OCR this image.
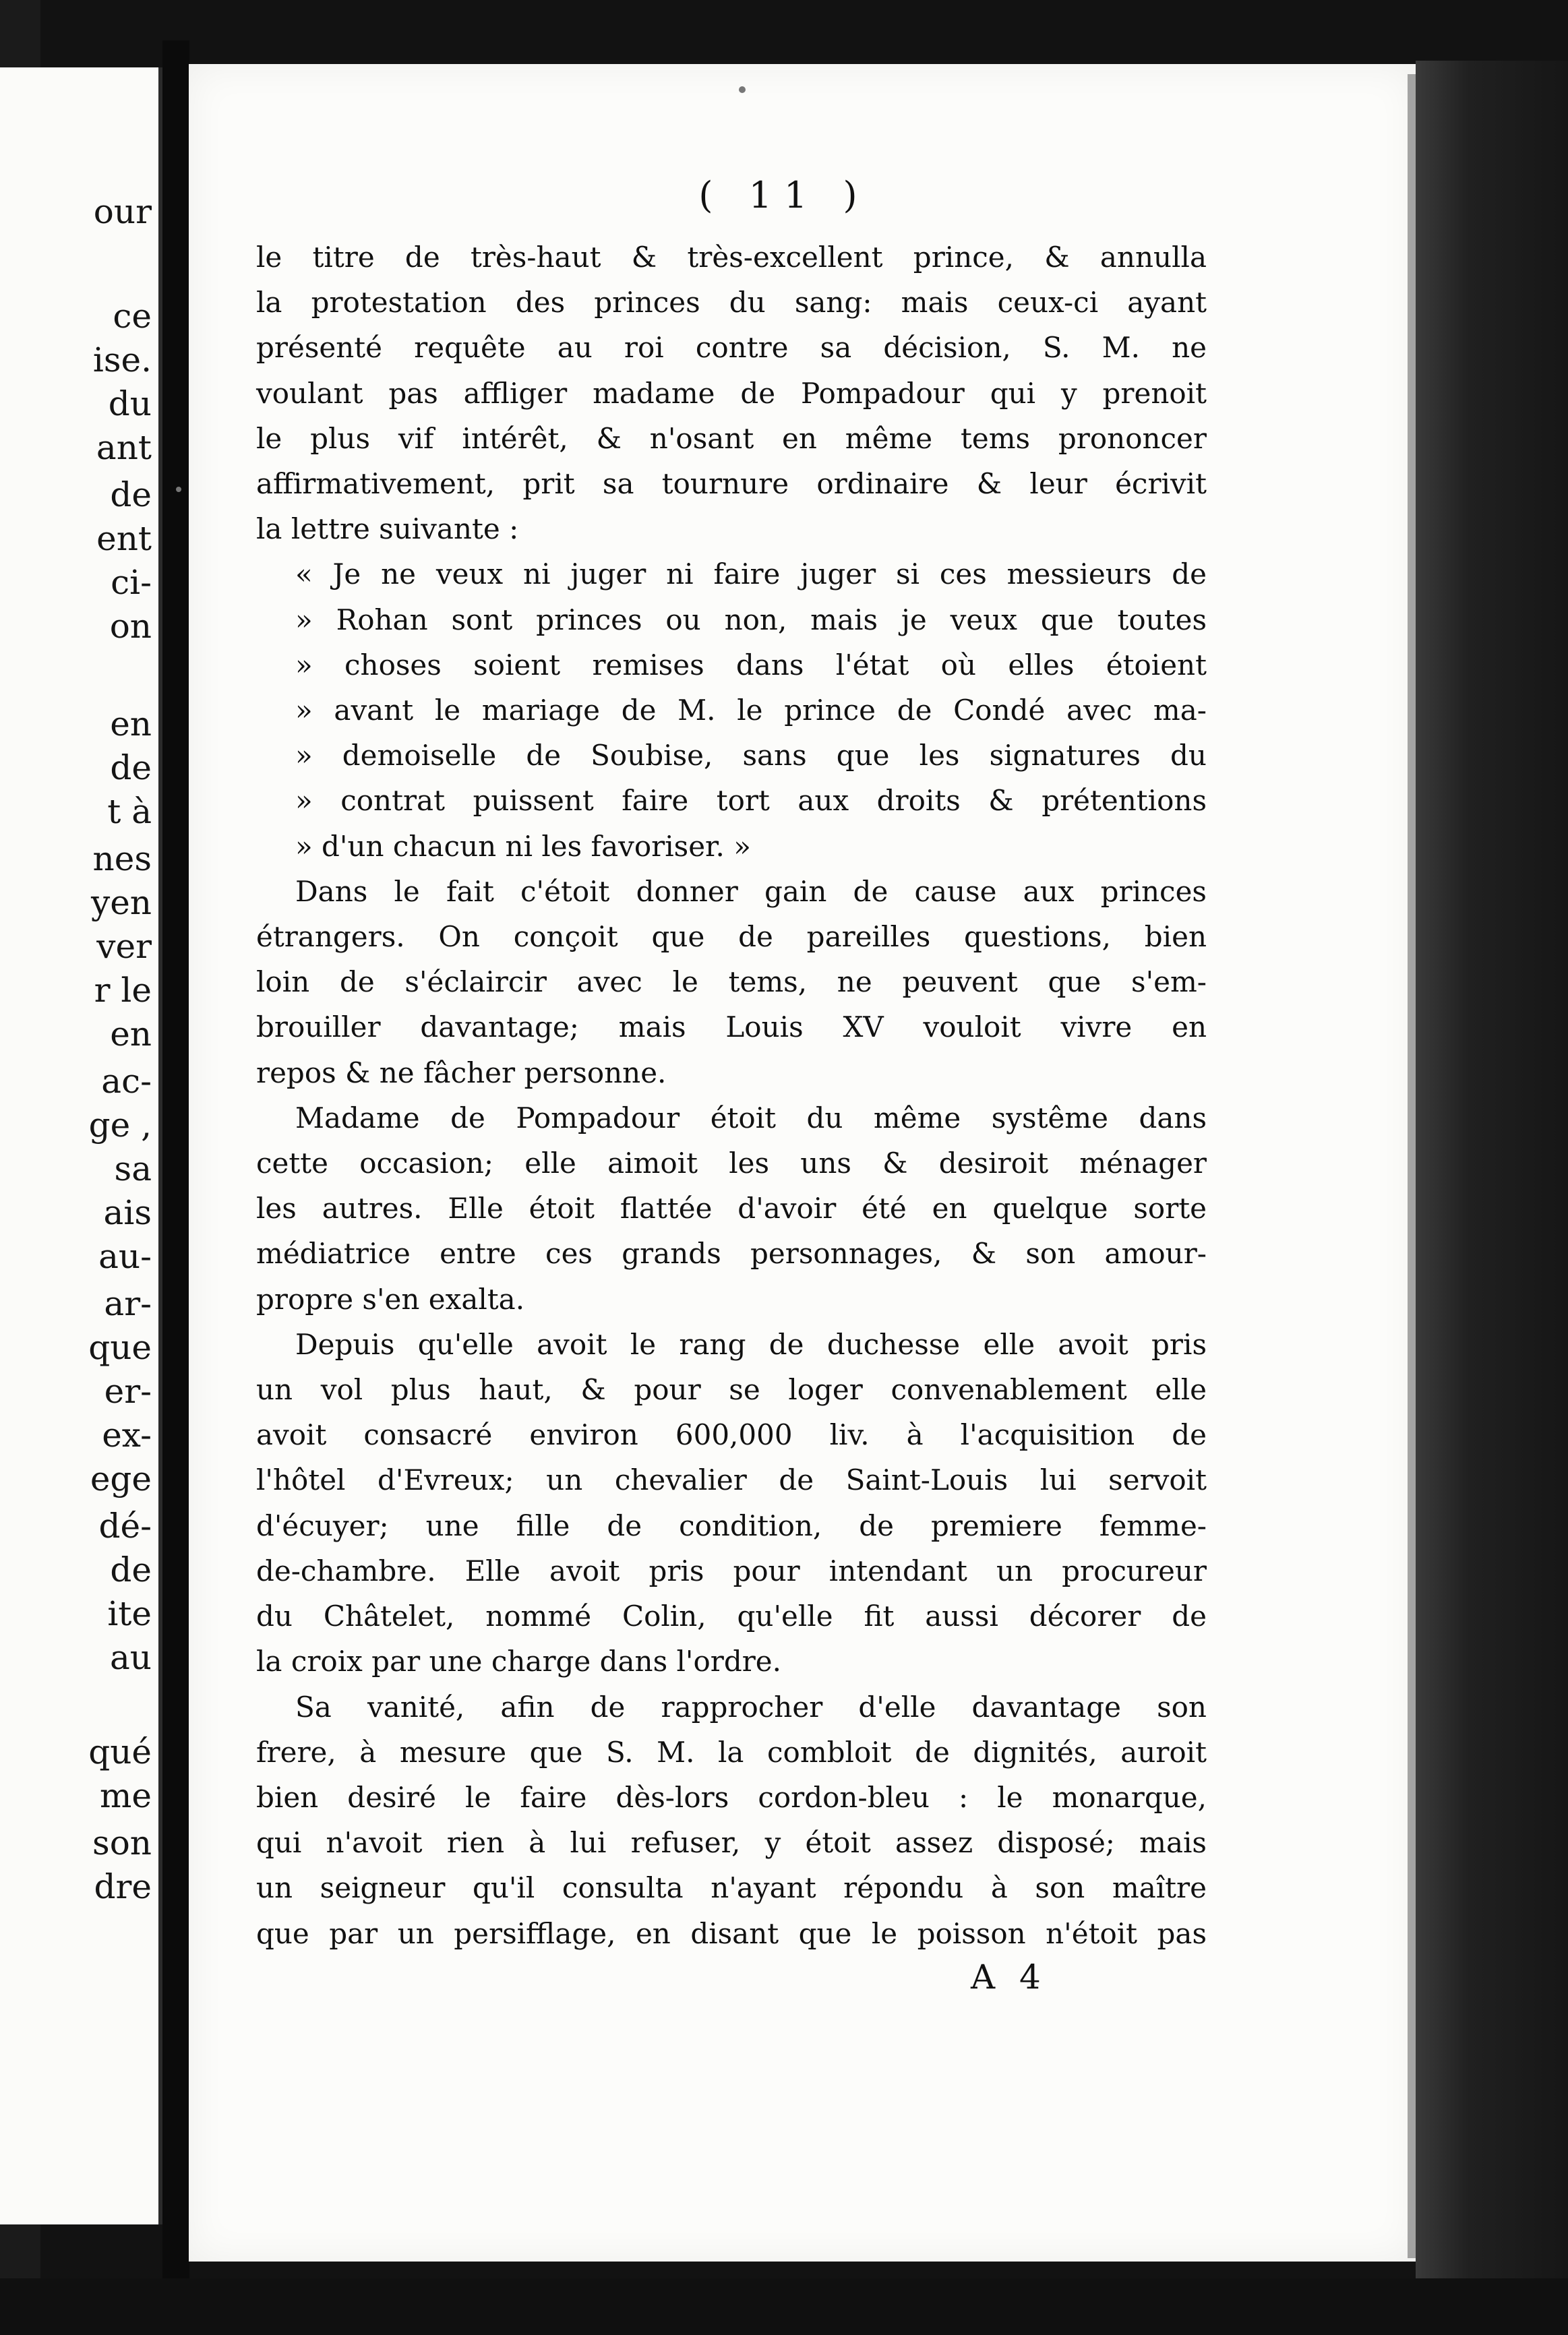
our
ce
ise.
du
ant
de
ent
ci-
on
en
de
t à
nes
yen
ver
r le
en
ac-
ge ,
sa
ais
au-
ar-
que
er-
ex-
ege
dé-
de
ite
au
qué
me
son
dre
( 11 )
le titre de très-haut & très-excellent prince, & annulla
la protestation des princes du sang: mais ceux-ci ayant
présenté requête au roi contre sa décision, S. M. ne
voulant pas affliger madame de Pompadour qui y prenoit
le plus vif intérêt, & n'osant en même tems prononcer
affirmativement, prit sa tournure ordinaire & leur écrivit
la lettre suivante :
« Je ne veux ni juger ni faire juger si ces messieurs de
» Rohan sont princes ou non, mais je veux que toutes
» choses soient remises dans l'état où elles étoient
» avant le mariage de M. le prince de Condé avec ma-
» demoiselle de Soubise, sans que les signatures du
» contrat puissent faire tort aux droits & prétentions
» d'un chacun ni les favoriser. »
Dans le fait c'étoit donner gain de cause aux princes
étrangers. On conçoit que de pareilles questions, bien
loin de s'éclaircir avec le tems, ne peuvent que s'em-
brouiller davantage; mais Louis XV vouloit vivre en
repos & ne fâcher personne.
Madame de Pompadour étoit du même systême dans
cette occasion; elle aimoit les uns & desiroit ménager
les autres. Elle étoit flattée d'avoir été en quelque sorte
médiatrice entre ces grands personnages, & son amour-
propre s'en exalta.
Depuis qu'elle avoit le rang de duchesse elle avoit pris
un vol plus haut, & pour se loger convenablement elle
avoit consacré environ 600,000 liv. à l'acquisition de
l'hôtel d'Evreux; un chevalier de Saint-Louis lui servoit
d'écuyer; une fille de condition, de premiere femme-
de-chambre. Elle avoit pris pour intendant un procureur
du Châtelet, nommé Colin, qu'elle fit aussi décorer de
la croix par une charge dans l'ordre.
Sa vanité, afin de rapprocher d'elle davantage son
frere, à mesure que S. M. la combloit de dignités, auroit
bien desiré le faire dès-lors cordon-bleu : le monarque,
qui n'avoit rien à lui refuser, y étoit assez disposé; mais
un seigneur qu'il consulta n'ayant répondu à son maître
que par un persifflage, en disant que le poisson n'étoit pas
A 4
